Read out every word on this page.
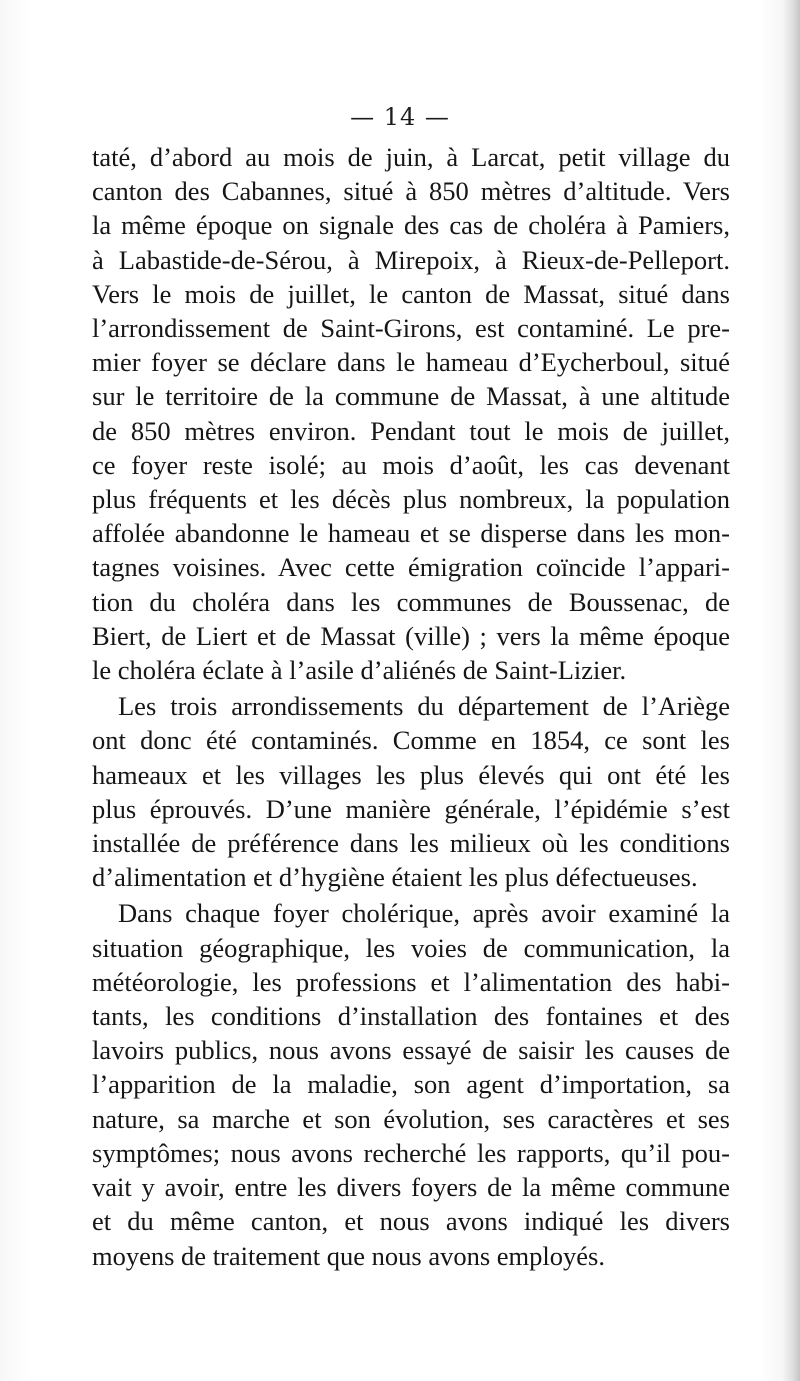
— 14 —

taté, d’abord au mois de juin, à Larcat, petit village du
canton des Cabannes, situé à 850 mètres d’altitude. Vers
la même époque on signale des cas de choléra à Pamiers,
à Labastide-de-Sérou, à Mirepoix, à Rieux-de-Pelleport.
Vers le mois de juillet, le canton de Massat, situé dans
l’arrondissement de Saint-Girons, est contaminé. Le pre-
mier foyer se déclare dans le hameau d’Eycherboul, situé
sur le territoire de la commune de Massat, à une altitude
de 850 mètres environ. Pendant tout le mois de juillet,
ce foyer reste isolé; au mois d’août, les cas devenant
plus fréquents et les décès plus nombreux, la population
affolée abandonne le hameau et se disperse dans les mon-
tagnes voisines. Avec cette émigration coïncide l’appari-
tion du choléra dans les communes de Boussenac, de
Biert, de Liert et de Massat (ville) ; vers la même époque
le choléra éclate à l’asile d’aliénés de Saint-Lizier.

Les trois arrondissements du département de l’Ariège
ont donc été contaminés. Comme en 1854, ce sont les
hameaux et les villages les plus élevés qui ont été les
plus éprouvés. D’une manière générale, l’épidémie s’est
installée de préférence dans les milieux où les conditions
d’alimentation et d’hygiène étaient les plus défectueuses.

Dans chaque foyer cholérique, après avoir examiné la
situation géographique, les voies de communication, la
météorologie, les professions et l’alimentation des habi-
tants, les conditions d’installation des fontaines et des
lavoirs publics, nous avons essayé de saisir les causes de
l’apparition de la maladie, son agent d’importation, sa
nature, sa marche et son évolution, ses caractères et ses
symptômes; nous avons recherché les rapports, qu’il pou-
vait y avoir, entre les divers foyers de la même commune
et du même canton, et nous avons indiqué les divers
moyens de traitement que nous avons employés.
